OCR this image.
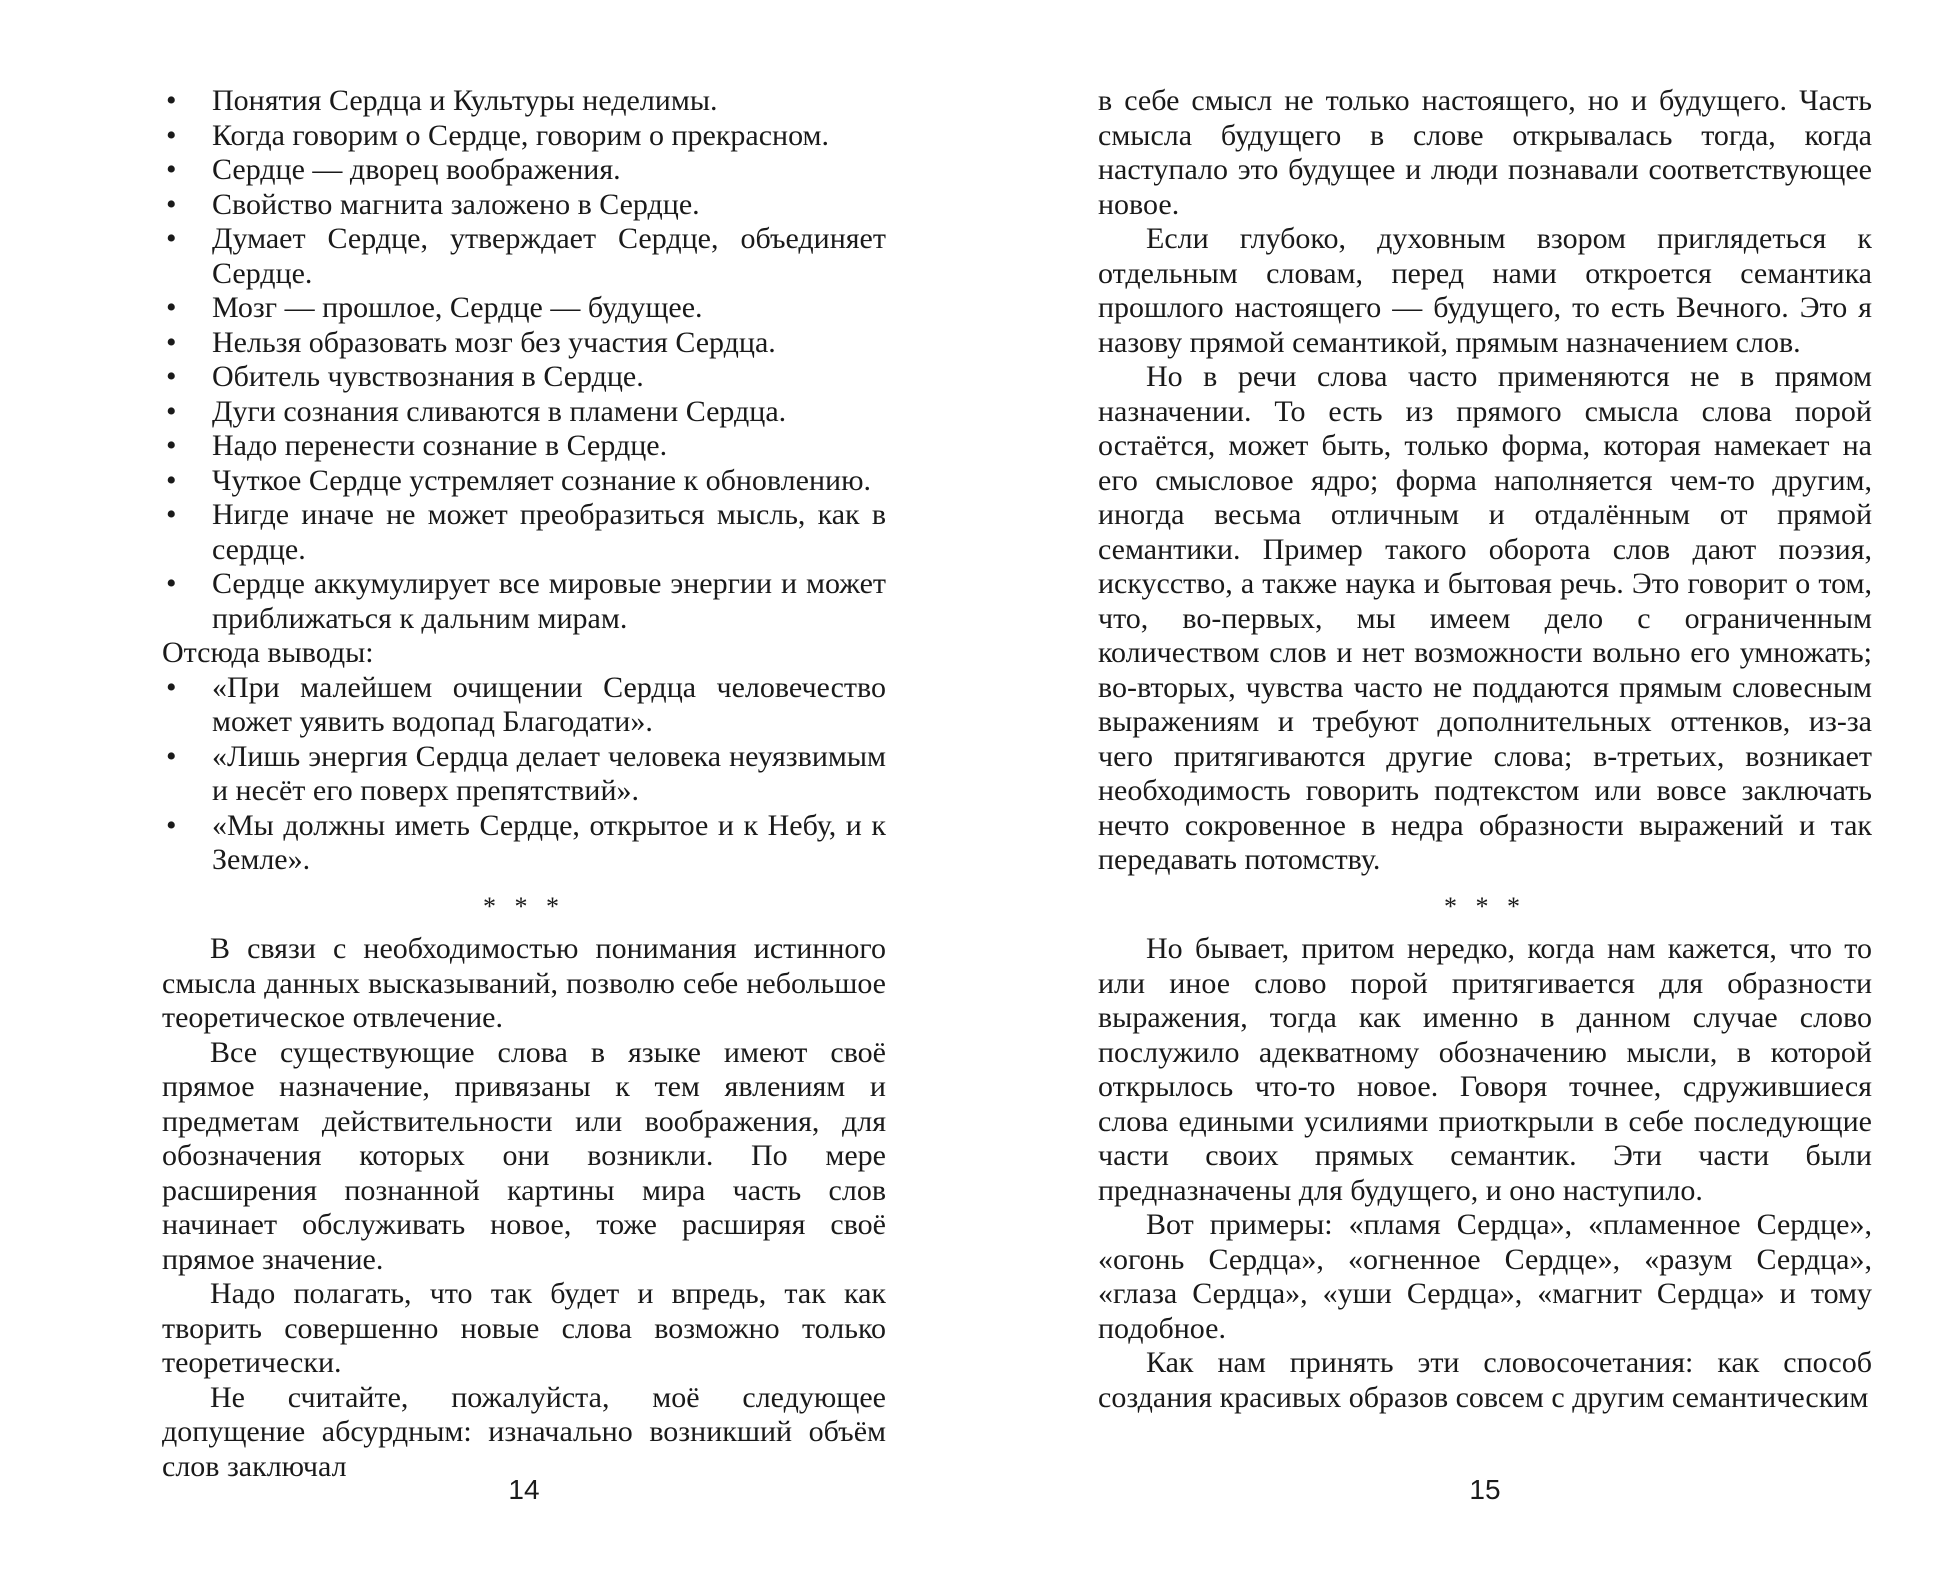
• Понятия Сердца и Культуры неделимы.
• Когда говорим о Сердце, говорим о прекрасном.
• Сердце — дворец воображения.
• Свойство магнита заложено в Сердце.
• Думает Сердце, утверждает Сердце, объединяет Сердце.
• Мозг — прошлое, Сердце — будущее.
• Нельзя образовать мозг без участия Сердца.
• Обитель чувствознания в Сердце.
• Дуги сознания сливаются в пламени Сердца.
• Надо перенести сознание в Сердце.
• Чуткое Сердце устремляет сознание к обновлению.
• Нигде иначе не может преобразиться мысль, как в сердце.
• Сердце аккумулирует все мировые энергии и может приближаться к дальним мирам.

Отсюда выводы:

• «При малейшем очищении Сердца человечество может уявить водопад Благодати».
• «Лишь энергия Сердца делает человека неуязвимым и несёт его поверх препятствий».
• «Мы должны иметь Сердце, открытое и к Небу, и к Земле».
* * *

В связи с необходимостью понимания истинного смысла данных высказываний, позволю себе небольшое теоретическое отвлечение.

Все существующие слова в языке имеют своё прямое назначение, привязаны к тем явлениям и предметам действительности или воображения, для обозначения которых они возникли. По мере расширения познанной картины мира часть слов начинает обслуживать новое, тоже расширяя своё прямое значение.

Надо полагать, что так будет и впредь, так как творить совершенно новые слова возможно только теоретически.

Не считайте, пожалуйста, моё следующее допущение абсурдным: изначально возникший объём слов заключал

14

в себе смысл не только настоящего, но и будущего. Часть смысла будущего в слове открывалась тогда, когда наступало это будущее и люди познавали соответствующее новое.

Если глубоко, духовным взором приглядеться к отдельным словам, перед нами откроется семантика прошлого настоящего — будущего, то есть Вечного. Это я назову прямой семантикой, прямым назначением слов.

Но в речи слова часто применяются не в прямом назначении. То есть из прямого смысла слова порой остаётся, может быть, только форма, которая намекает на его смысловое ядро; форма наполняется чем-то другим, иногда весьма отличным и отдалённым от прямой семантики. Пример такого оборота слов дают поэзия, искусство, а также наука и бытовая речь. Это говорит о том, что, во-первых, мы имеем дело с ограниченным количеством слов и нет возможности вольно его умножать; во-вторых, чувства часто не поддаются прямым словесным выражениям и требуют дополнительных оттенков, из-за чего притягиваются другие слова; в-третьих, возникает необходимость говорить подтекстом или вовсе заключать нечто сокровенное в недра образности выражений и так передавать потомству.

* * *

Но бывает, притом нередко, когда нам кажется, что то или иное слово порой притягивается для образности выражения, тогда как именно в данном случае слово послужило адекватному обозначению мысли, в которой открылось что-то новое. Говоря точнее, сдружившиеся слова едиными усилиями приоткрыли в себе последующие части своих прямых семантик. Эти части были предназначены для будущего, и оно наступило.

Вот примеры: «пламя Сердца», «пламенное Сердце», «огонь Сердца», «огненное Сердце», «разум Сердца», «глаза Сердца», «уши Сердца», «магнит Сердца» и тому подобное.

Как нам принять эти словосочетания: как способ создания красивых образов совсем с другим семантическим

15
